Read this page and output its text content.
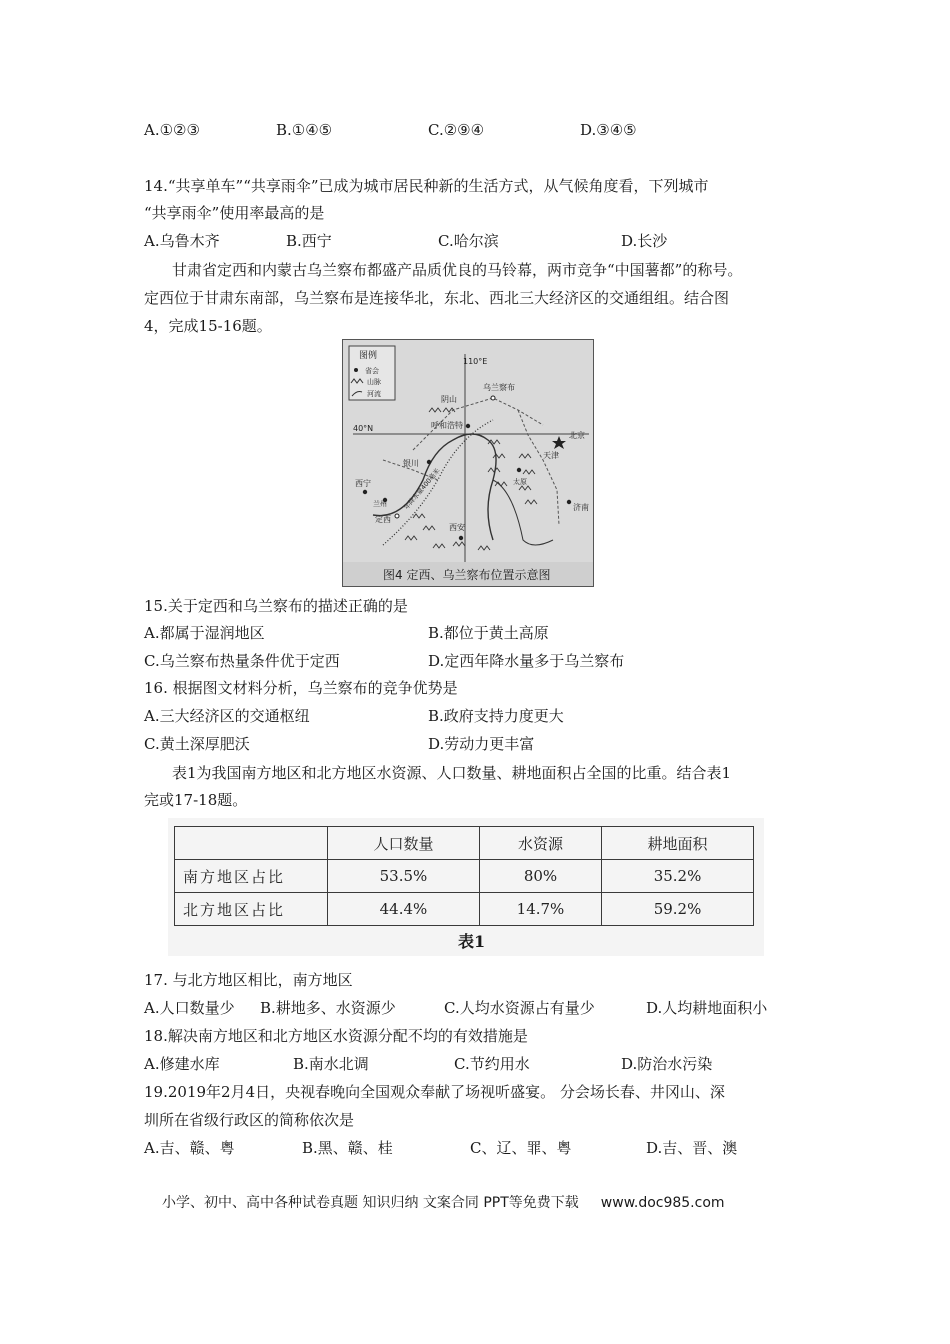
A.①②③	B.①④⑤	C.②⑨④	D.③④⑤
14.“共享单车”“共享雨伞”已成为城市居民种新的生活方式，从气候角度看，下列城市
“共享雨伞”使用率最高的是
A.乌鲁木齐	B.西宁	C.哈尔滨	D.长沙
甘肃省定西和内蒙古乌兰察布都盛产品质优良的马铃幕，两市竞争“中国薯都”的称号。
定西位于甘肃东南部，乌兰察布是连接华北，东北、西北三大经济区的交通组组。结合图
4，完成15-16题。
图例
省会
山脉
河流
110°E
40°N
年降水量400毫米
阴山
乌兰察布
呼和浩特
北京
天津
银川
太原
西宁
兰州
定西
西安
济南
图4 定西、乌兰察布位置示意图
15.关于定西和乌兰察布的描述正确的是
A.都属于湿润地区	B.都位于黄土高原
C.乌兰察布热量条件优于定西	D.定西年降水量多于乌兰察布
16. 根据图文材料分析，乌兰察布的竞争优势是
A.三大经济区的交通枢纽	B.政府支持力度更大
C.黄土深厚肥沃	D.劳动力更丰富
表1为我国南方地区和北方地区水资源、人口数量、耕地面积占全国的比重。结合表1
完或17-18题。
	人口数量	水资源	耕地面积
南方地区占比	53.5%	80%	35.2%
北方地区占比	44.4%	14.7%	59.2%
表1
17. 与北方地区相比，南方地区
A.人口数量少 B.耕地多、水资源少	C.人均水资源占有量少	D.人均耕地面积小
18.解决南方地区和北方地区水资源分配不均的有效措施是
A.修建水库	B.南水北调	C.节约用水	D.防治水污染
19.2019年2月4日，央视春晚向全国观众奉献了场视听盛宴。 分会场长春、井冈山、深
圳所在省级行政区的简称依次是
A.吉、赣、粤	B.黑、赣、桂	C、辽、罪、粤	D.吉、晋、澳
小学、初中、高中各种试卷真题 知识归纳 文案合同 PPT等免费下载 www.doc985.com
